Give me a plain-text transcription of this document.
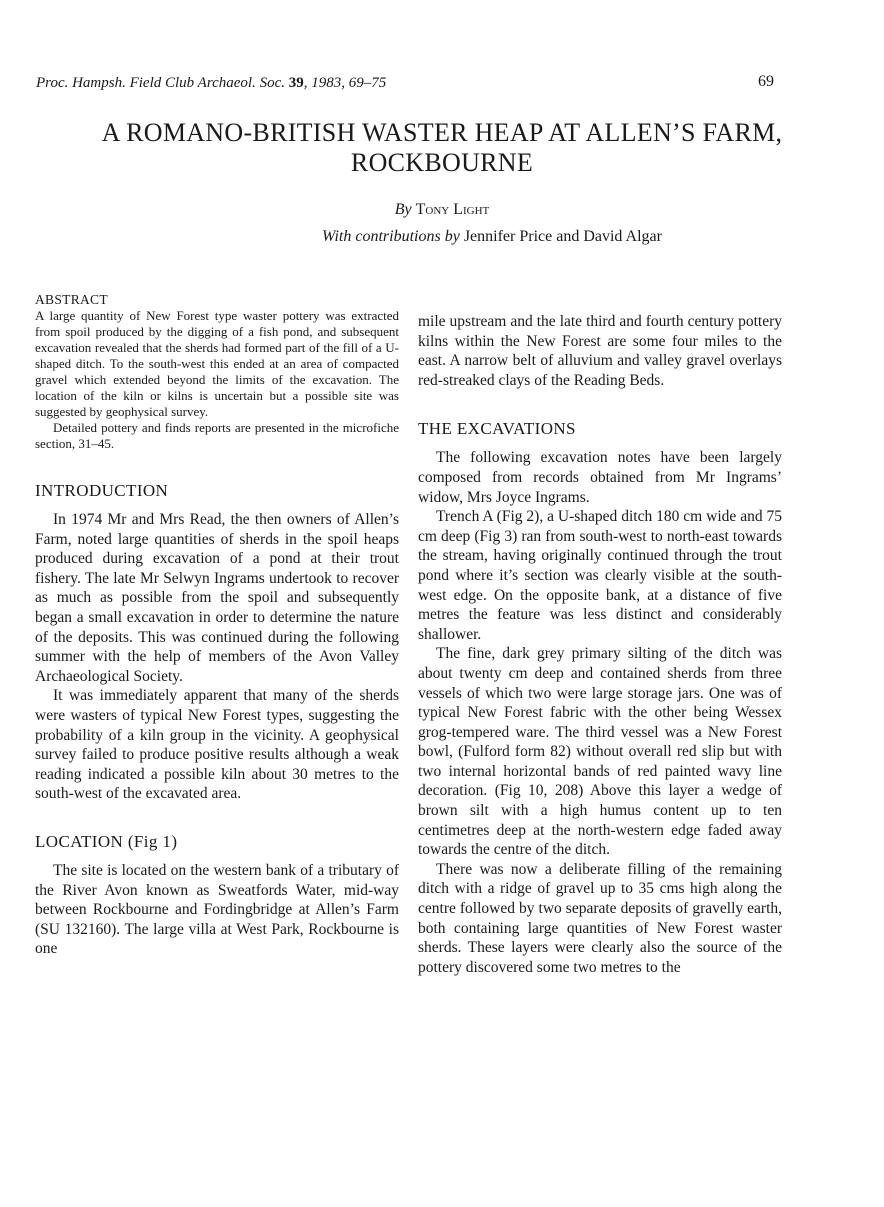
Proc. Hampsh. Field Club Archaeol. Soc. 39, 1983, 69–75	69
A ROMANO-BRITISH WASTER HEAP AT ALLEN’S FARM,
ROCKBOURNE
By Tony Light
With contributions by Jennifer Price and David Algar
ABSTRACT

A large quantity of New Forest type waster pottery was extracted from spoil produced by the digging of a fish pond, and subsequent excavation revealed that the sherds had formed part of the fill of a U-shaped ditch. To the south-west this ended at an area of compacted gravel which extended beyond the limits of the excavation. The location of the kiln or kilns is uncertain but a possible site was suggested by geophysical survey.

Detailed pottery and finds reports are presented in the microfiche section, 31–45.

INTRODUCTION

In 1974 Mr and Mrs Read, the then owners of Allen’s Farm, noted large quantities of sherds in the spoil heaps produced during excavation of a pond at their trout fishery. The late Mr Selwyn Ingrams undertook to recover as much as possible from the spoil and subsequently began a small excavation in order to determine the nature of the deposits. This was continued during the following summer with the help of members of the Avon Valley Archaeological Society.

It was immediately apparent that many of the sherds were wasters of typical New Forest types, suggesting the probability of a kiln group in the vicinity. A geophysical survey failed to produce positive results although a weak reading indicated a possible kiln about 30 metres to the south-west of the excavated area.

LOCATION (Fig 1)

The site is located on the western bank of a tributary of the River Avon known as Sweatfords Water, mid-way between Rockbourne and Fordingbridge at Allen’s Farm (SU 132160). The large villa at West Park, Rockbourne is one

mile upstream and the late third and fourth century pottery kilns within the New Forest are some four miles to the east. A narrow belt of alluvium and valley gravel overlays red-streaked clays of the Reading Beds.

THE EXCAVATIONS

The following excavation notes have been largely composed from records obtained from Mr Ingrams’ widow, Mrs Joyce Ingrams.

Trench A (Fig 2), a U-shaped ditch 180 cm wide and 75 cm deep (Fig 3) ran from south-west to north-east towards the stream, having originally continued through the trout pond where it’s section was clearly visible at the south-west edge. On the opposite bank, at a distance of five metres the feature was less distinct and considerably shallower.

The fine, dark grey primary silting of the ditch was about twenty cm deep and contained sherds from three vessels of which two were large storage jars. One was of typical New Forest fabric with the other being Wessex grog-tempered ware. The third vessel was a New Forest bowl, (Fulford form 82) without overall red slip but with two internal horizontal bands of red painted wavy line decoration. (Fig 10, 208) Above this layer a wedge of brown silt with a high humus content up to ten centimetres deep at the north-western edge faded away towards the centre of the ditch.

There was now a deliberate filling of the remaining ditch with a ridge of gravel up to 35 cms high along the centre followed by two separate deposits of gravelly earth, both containing large quantities of New Forest waster sherds. These layers were clearly also the source of the pottery discovered some two metres to the
